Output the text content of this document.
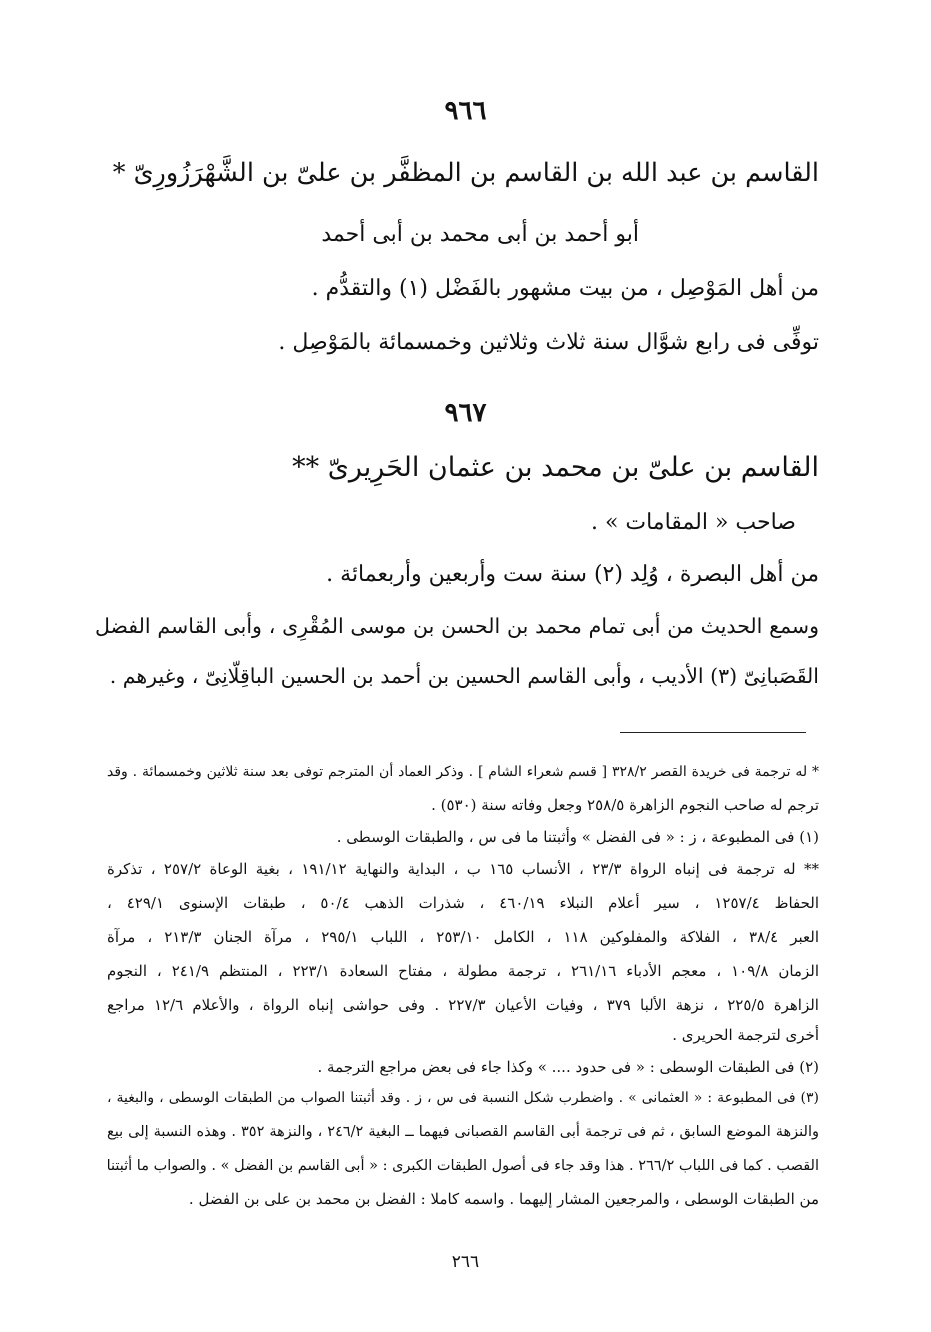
٩٦٦
القاسم بن عبد الله بن القاسم بن المظفَّر بن علىّ بن الشَّهْرَزُورِىّ *
أبو أحمد بن أبى محمد بن أبى أحمد
من أهل المَوْصِل ، من بيت مشهور بالفَضْل (١) والتقدُّم .
توفِّى فى رابع شوَّال سنة ثلاث وثلاثين وخمسمائة بالمَوْصِل .
٩٦٧
القاسم بن علىّ بن محمد بن عثمان الحَرِيرىّ **
صاحب « المقامات » .
من أهل البصرة ، وُلِد (٢) سنة ست وأربعين وأربعمائة .
وسمع الحديث من أبى تمام محمد بن الحسن بن موسى المُقْرِى ، وأبى القاسم الفضل
القَصَبانِىّ (٣) الأديب ، وأبى القاسم الحسين بن أحمد بن الحسين الباقِلّانِىّ ، وغيرهم .
* له ترجمة فى خريدة القصر ٣٢٨/٢ [ قسم شعراء الشام ] . وذكر العماد أن المترجم توفى بعد سنة ثلاثين وخمسمائة . وقد
ترجم له صاحب النجوم الزاهرة ٢٥٨/٥ وجعل وفاته سنة (٥٣٠) .
(١) فى المطبوعة ، ز : « فى الفضل » وأثبتنا ما فى س ، والطبقات الوسطى .
** له ترجمة فى إنباه الرواة ٢٣/٣ ، الأنساب ١٦٥ ب ، البداية والنهاية ١٩١/١٢ ، بغية الوعاة ٢٥٧/٢ ، تذكرة
الحفاظ ١٢٥٧/٤ ، سير أعلام النبلاء ٤٦٠/١٩ ، شذرات الذهب ٥٠/٤ ، طبقات الإسنوى ٤٢٩/١ ،
العبر ٣٨/٤ ، الفلاكة والمفلوكين ١١٨ ، الكامل ٢٥٣/١٠ ، اللباب ٢٩٥/١ ، مرآة الجنان ٢١٣/٣ ، مرآة
الزمان ١٠٩/٨ ، معجم الأدباء ٢٦١/١٦ ، ترجمة مطولة ، مفتاح السعادة ٢٢٣/١ ، المنتظم ٢٤١/٩ ، النجوم
الزاهرة ٢٢٥/٥ ، نزهة الألبا ٣٧٩ ، وفيات الأعيان ٢٢٧/٣ . وفى حواشى إنباه الرواة ، والأعلام ١٢/٦ مراجع
أخرى لترجمة الحريرى .
(٢) فى الطبقات الوسطى : « فى حدود .... » وكذا جاء فى بعض مراجع الترجمة .
(٣) فى المطبوعة : « العثمانى » . واضطرب شكل النسبة فى س ، ز . وقد أثبتنا الصواب من الطبقات الوسطى ، والبغية ،
والنزهة الموضع السابق ، ثم فى ترجمة أبى القاسم القصبانى فيهما ــ البغية ٢٤٦/٢ ، والنزهة ٣٥٢ . وهذه النسبة إلى بيع
القصب . كما فى اللباب ٢٦٦/٢ . هذا وقد جاء فى أصول الطبقات الكبرى : « أبى القاسم بن الفضل » . والصواب ما أثبتنا
من الطبقات الوسطى ، والمرجعين المشار إليهما . واسمه كاملا : الفضل بن محمد بن على بن الفضل .
٢٦٦
